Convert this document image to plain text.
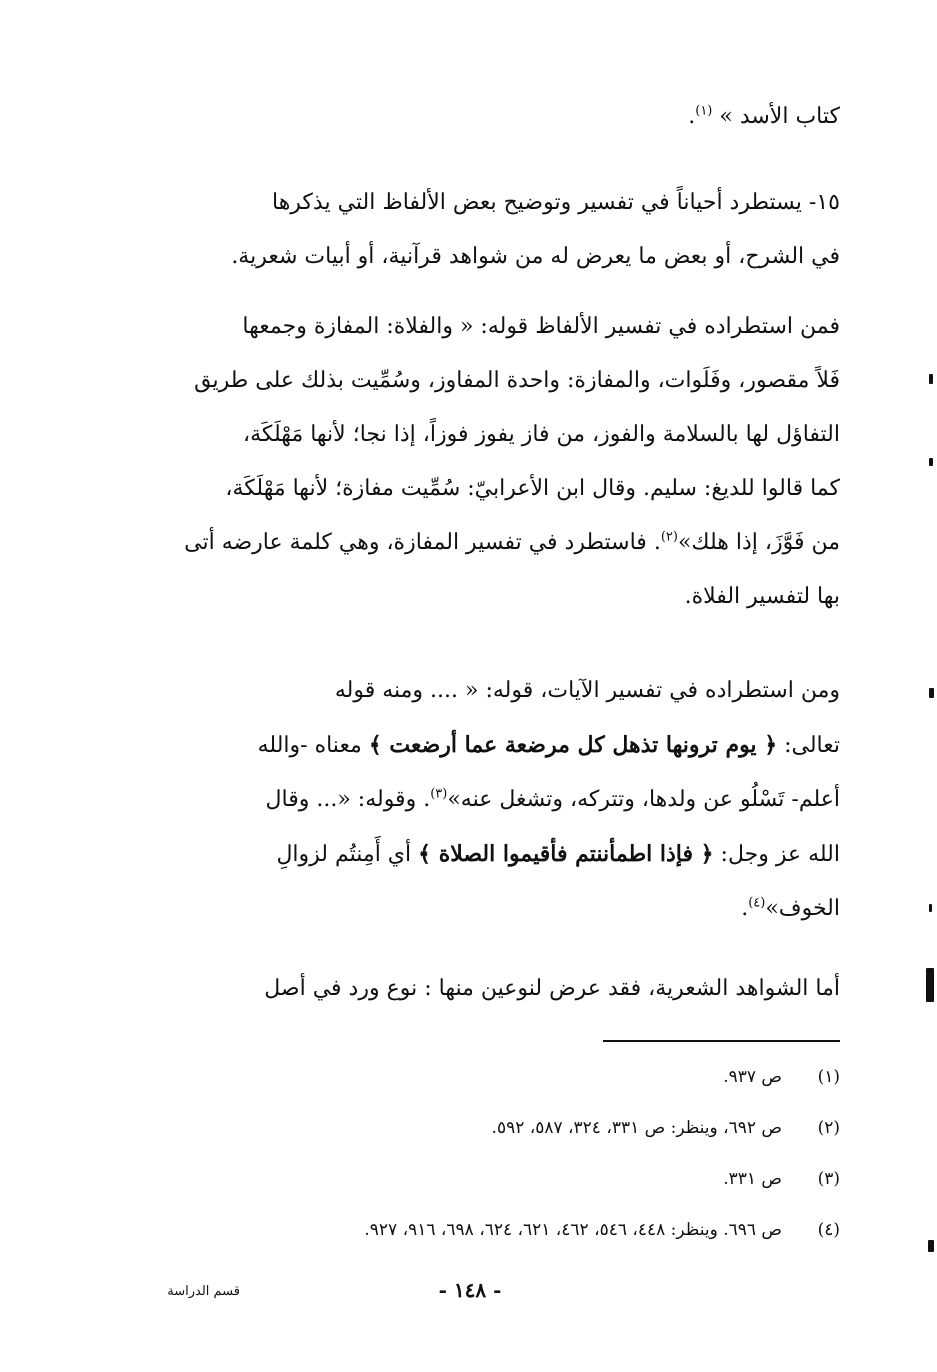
كتاب الأسد » $^{(١)}$.
١٥- يستطرد أحياناً في تفسير وتوضيح بعض الألفاظ التي يذكرها
في الشرح، أو بعض ما يعرض له من شواهد قرآنية، أو أبيات شعرية.
فمن استطراده في تفسير الألفاظ قوله: « والفلاة: المفازة وجمعها
فَلاً مقصور، وفَلَوات، والمفازة: واحدة المفاوز، وسُمِّيت بذلك على طريق
التفاؤل لها بالسلامة والفوز، من فاز يفوز فوزاً، إذا نجا؛ لأنها مَهْلَكَة،
كما قالوا للديغ: سليم. وقال ابن الأعرابيّ: سُمِّيت مفازة؛ لأنها مَهْلَكَة،
من فَوَّزَ، إذا هلك»$^{(٢)}$. فاستطرد في تفسير المفازة، وهي كلمة عارضه أتى
بها لتفسير الفلاة.
ومن استطراده في تفسير الآيات، قوله: « .... ومنه قوله
تعالى: ﴿ يوم ترونها تذهل كل مرضعة عما أرضعت ﴾ معناه -والله
أعلم- تَسْلُو عن ولدها، وتتركه، وتشغل عنه»$^{(٣)}$. وقوله: «... وقال
الله عز وجل: ﴿ فإذا اطمأننتم فأقيموا الصلاة ﴾ أي أَمِنتُم لزوالِ
الخوف»$^{(٤)}$.
أما الشواهد الشعرية، فقد عرض لنوعين منها : نوع ورد في أصل
(١)ص ٩٣٧.
(٢)ص ٦٩٢، وينظر: ص ٣٣١، ٣٢٤، ٥٨٧، ٥٩٢.
(٣)ص ٣٣١.
(٤)ص ٦٩٦. وينظر: ٤٤٨، ٥٤٦، ٤٦٢، ٦٢١، ٦٢٤، ٦٩٨، ٩١٦، ٩٢٧.
- ١٤٨ -
قسم الدراسة
